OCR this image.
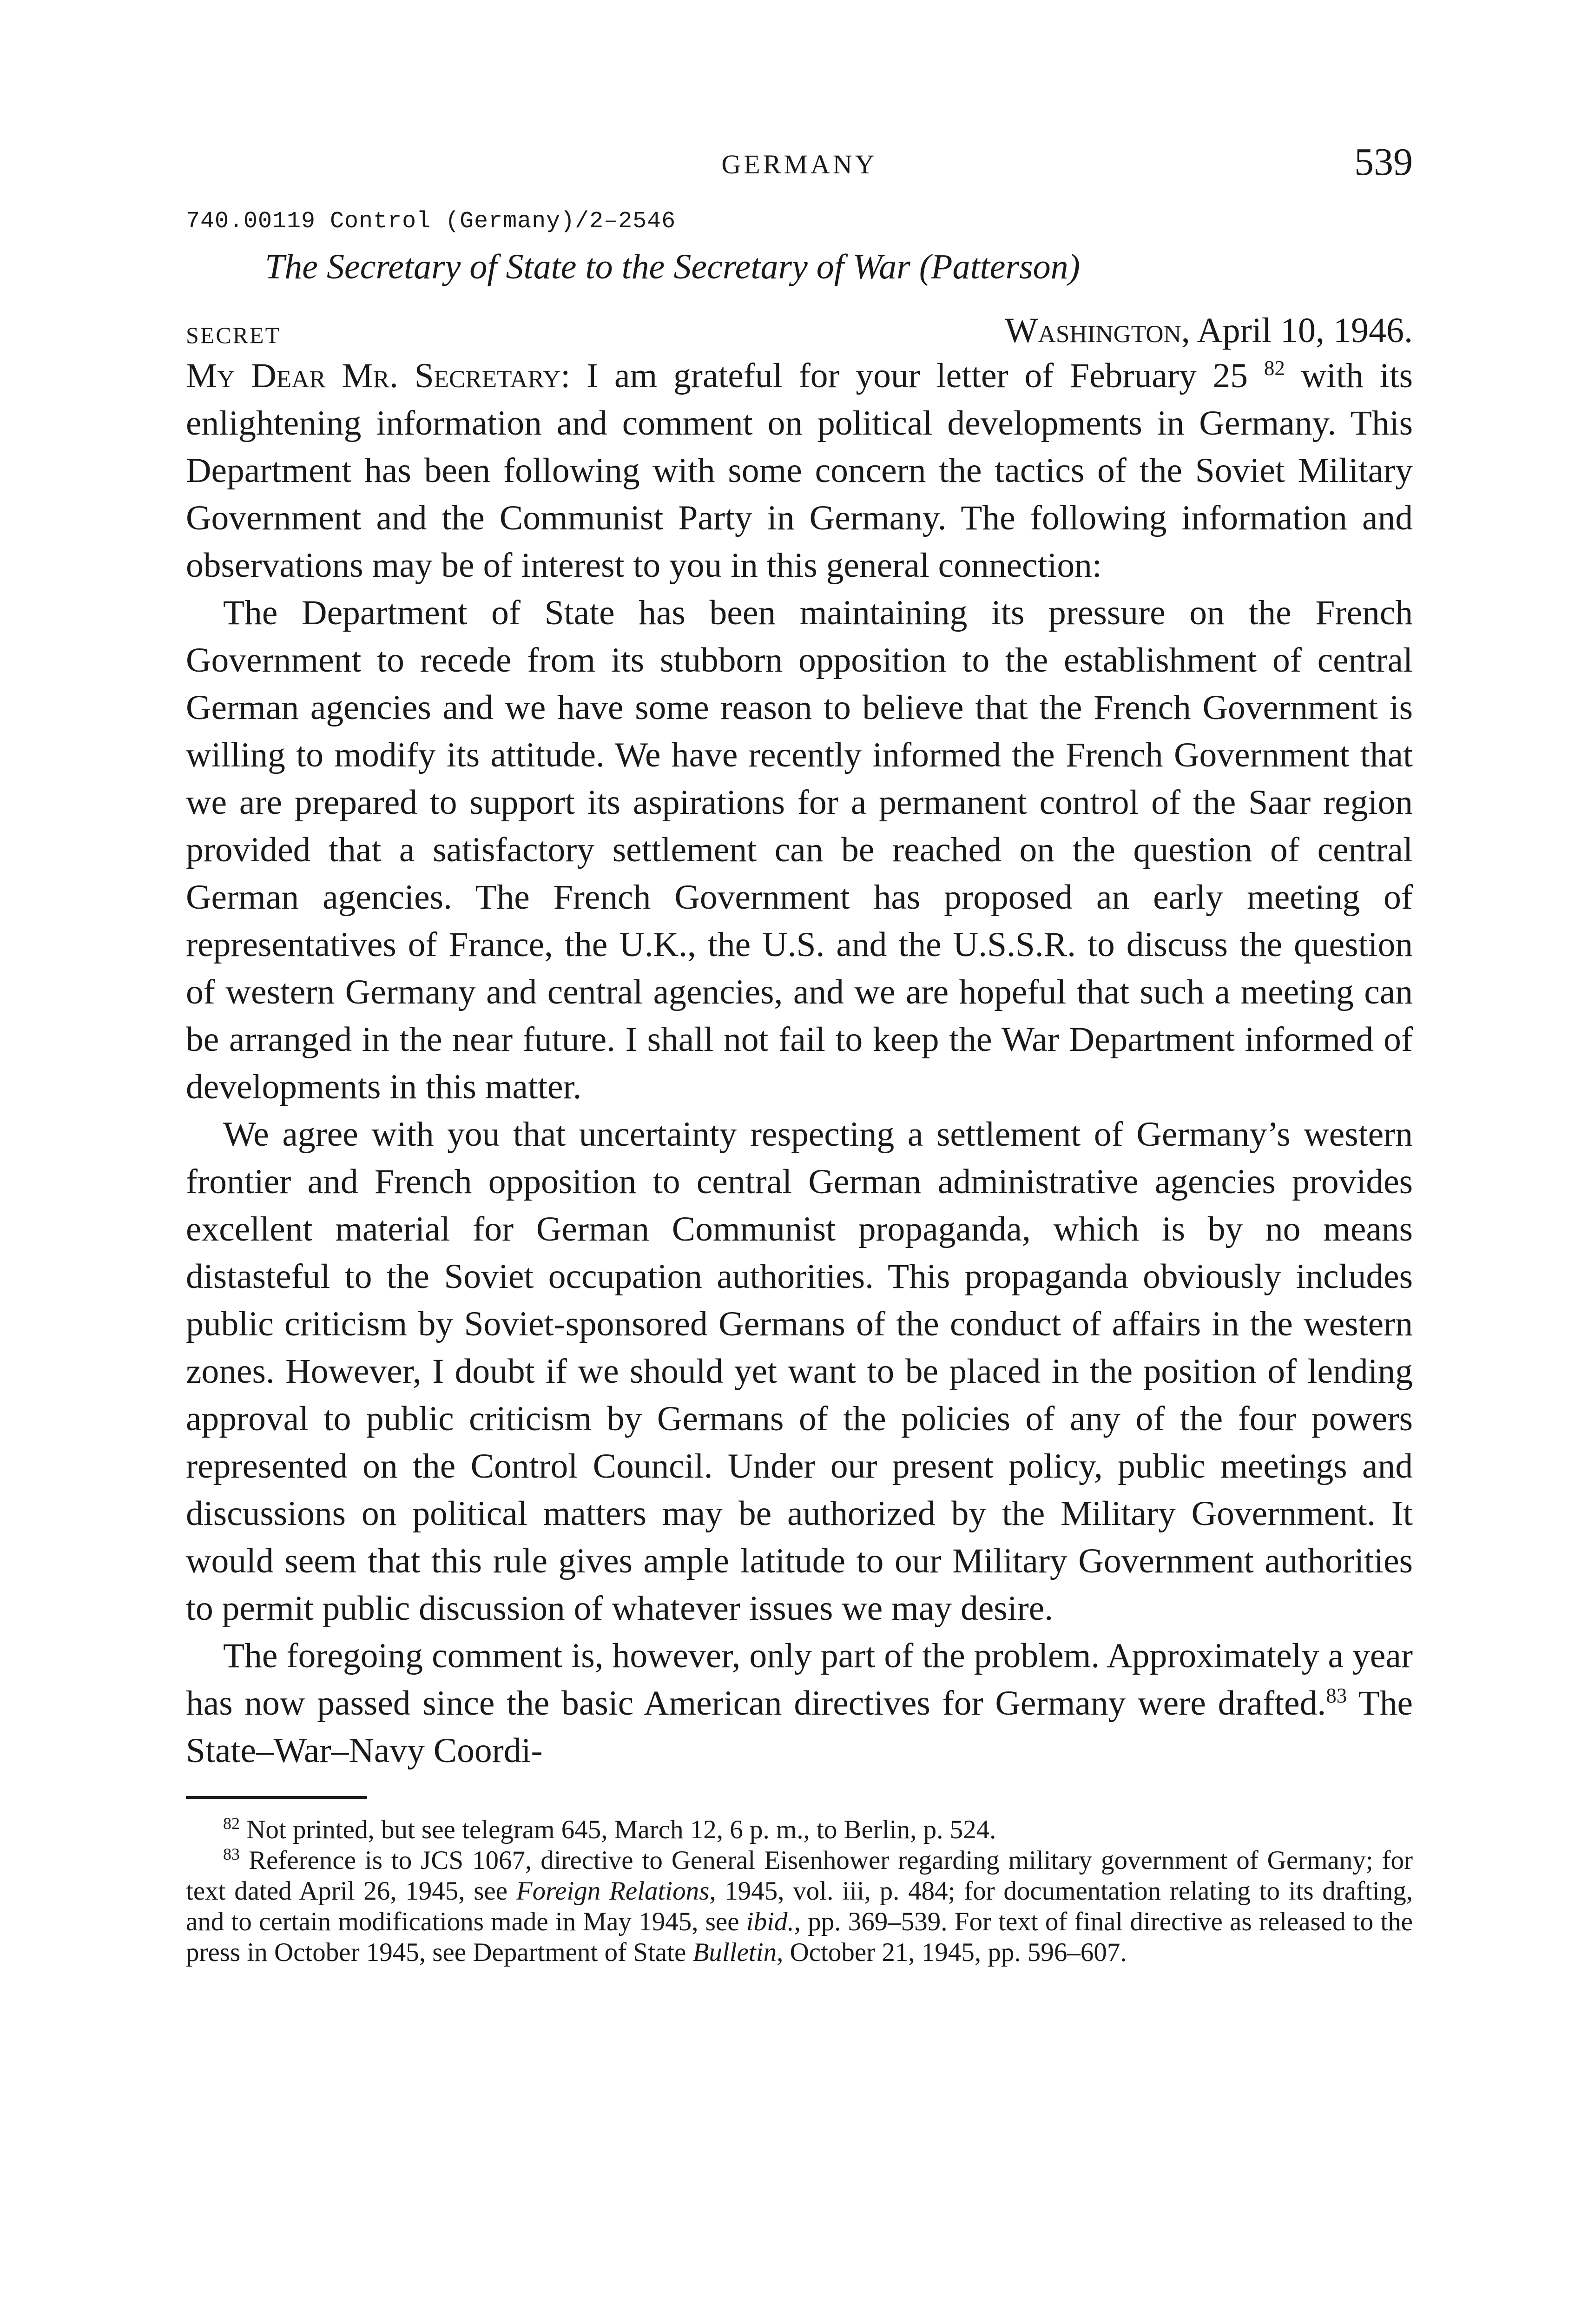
GERMANY	539
740.00119 Control (Germany)/2–2546
The Secretary of State to the Secretary of War (Patterson)
SECRET	Washington, April 10, 1946.

My Dear Mr. Secretary: I am grateful for your letter of February 25 $^{82}$ with its enlightening information and comment on political developments in Germany. This Department has been following with some concern the tactics of the Soviet Military Government and the Communist Party in Germany. The following information and observations may be of interest to you in this general connection:

The Department of State has been maintaining its pressure on the French Government to recede from its stubborn opposition to the establishment of central German agencies and we have some reason to believe that the French Government is willing to modify its attitude. We have recently informed the French Government that we are prepared to support its aspirations for a permanent control of the Saar region provided that a satisfactory settlement can be reached on the question of central German agencies. The French Government has proposed an early meeting of representatives of France, the U.K., the U.S. and the U.S.S.R. to discuss the question of western Germany and central agencies, and we are hopeful that such a meeting can be arranged in the near future. I shall not fail to keep the War Department informed of developments in this matter.

We agree with you that uncertainty respecting a settlement of Germany’s western frontier and French opposition to central German administrative agencies provides excellent material for German Communist propaganda, which is by no means distasteful to the Soviet occupation authorities. This propaganda obviously includes public criticism by Soviet-sponsored Germans of the conduct of affairs in the western zones. However, I doubt if we should yet want to be placed in the position of lending approval to public criticism by Germans of the policies of any of the four powers represented on the Control Council. Under our present policy, public meetings and discussions on political matters may be authorized by the Military Government. It would seem that this rule gives ample latitude to our Military Government authorities to permit public discussion of whatever issues we may desire.

The foregoing comment is, however, only part of the problem. Approximately a year has now passed since the basic American directives for Germany were drafted.$^{83}$ The State–War–Navy Coordi-

$^{82}$ Not printed, but see telegram 645, March 12, 6 p. m., to Berlin, p. 524.

$^{83}$ Reference is to JCS 1067, directive to General Eisenhower regarding military government of Germany; for text dated April 26, 1945, see Foreign Relations, 1945, vol. iii, p. 484; for documentation relating to its drafting, and to certain modifications made in May 1945, see ibid., pp. 369–539. For text of final directive as released to the press in October 1945, see Department of State Bulletin, October 21, 1945, pp. 596–607.
